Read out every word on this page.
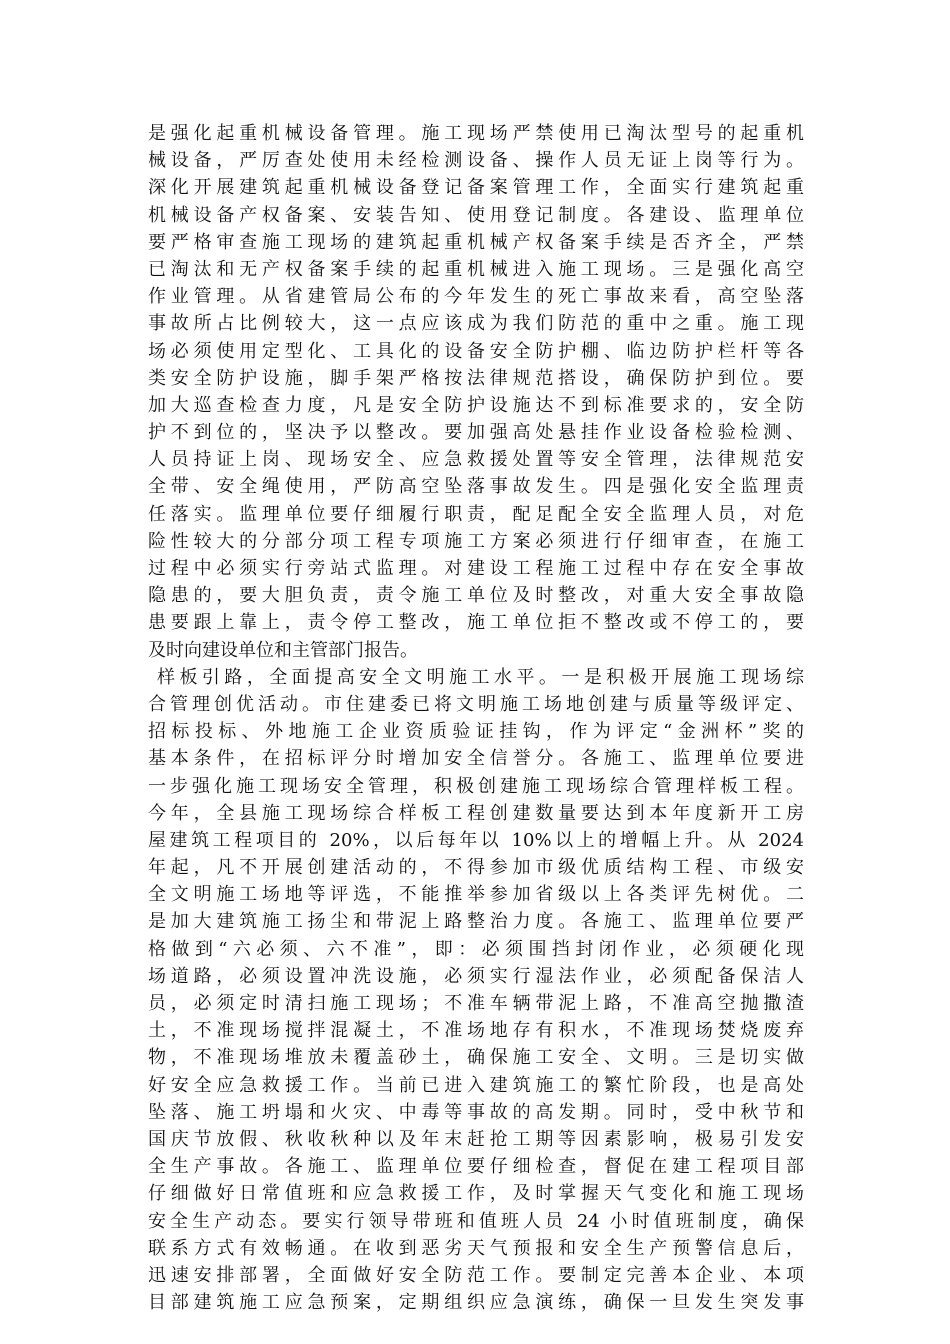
是强化起重机械设备管理。施工现场严禁使用已淘汰型号的起重机
械设备，严厉查处使用未经检测设备、操作人员无证上岗等行为。
深化开展建筑起重机械设备登记备案管理工作，全面实行建筑起重
机械设备产权备案、安装告知、使用登记制度。各建设、监理单位
要严格审查施工现场的建筑起重机械产权备案手续是否齐全，严禁
已淘汰和无产权备案手续的起重机械进入施工现场。三是强化高空
作业管理。从省建管局公布的今年发生的死亡事故来看，高空坠落
事故所占比例较大，这一点应该成为我们防范的重中之重。施工现
场必须使用定型化、工具化的设备安全防护棚、临边防护栏杆等各
类安全防护设施，脚手架严格按法律规范搭设，确保防护到位。要
加大巡查检查力度，凡是安全防护设施达不到标准要求的，安全防
护不到位的，坚决予以整改。要加强高处悬挂作业设备检验检测、
人员持证上岗、现场安全、应急救援处置等安全管理，法律规范安
全带、安全绳使用，严防高空坠落事故发生。四是强化安全监理责
任落实。监理单位要仔细履行职责，配足配全安全监理人员，对危
险性较大的分部分项工程专项施工方案必须进行仔细审查，在施工
过程中必须实行旁站式监理。对建设工程施工过程中存在安全事故
隐患的，要大胆负责，责令施工单位及时整改，对重大安全事故隐
患要跟上靠上，责令停工整改，施工单位拒不整改或不停工的，要
及时向建设单位和主管部门报告。
样板引路，全面提高安全文明施工水平。一是积极开展施工现场综
合管理创优活动。市住建委已将文明施工场地创建与质量等级评定、
招标投标、外地施工企业资质验证挂钩，作为评定“金洲杯”奖的
基本条件，在招标评分时增加安全信誉分。各施工、监理单位要进
一步强化施工现场安全管理，积极创建施工现场综合管理样板工程。
今年，全县施工现场综合样板工程创建数量要达到本年度新开工房
屋建筑工程项目的 20%，以后每年以 10%以上的增幅上升。从 2024
年起，凡不开展创建活动的，不得参加市级优质结构工程、市级安
全文明施工场地等评选，不能推举参加省级以上各类评先树优。二
是加大建筑施工扬尘和带泥上路整治力度。各施工、监理单位要严
格做到“六必须、六不准”，即：必须围挡封闭作业，必须硬化现
场道路，必须设置冲洗设施，必须实行湿法作业，必须配备保洁人
员，必须定时清扫施工现场；不准车辆带泥上路，不准高空抛撒渣
土，不准现场搅拌混凝土，不准场地存有积水，不准现场焚烧废弃
物，不准现场堆放未覆盖砂土，确保施工安全、文明。三是切实做
好安全应急救援工作。当前已进入建筑施工的繁忙阶段，也是高处
坠落、施工坍塌和火灾、中毒等事故的高发期。同时，受中秋节和
国庆节放假、秋收秋种以及年末赶抢工期等因素影响，极易引发安
全生产事故。各施工、监理单位要仔细检查，督促在建工程项目部
仔细做好日常值班和应急救援工作，及时掌握天气变化和施工现场
安全生产动态。要实行领导带班和值班人员 24 小时值班制度，确保
联系方式有效畅通。在收到恶劣天气预报和安全生产预警信息后，
迅速安排部署，全面做好安全防范工作。要制定完善本企业、本项
目部建筑施工应急预案，定期组织应急演练，确保一旦发生突发事
